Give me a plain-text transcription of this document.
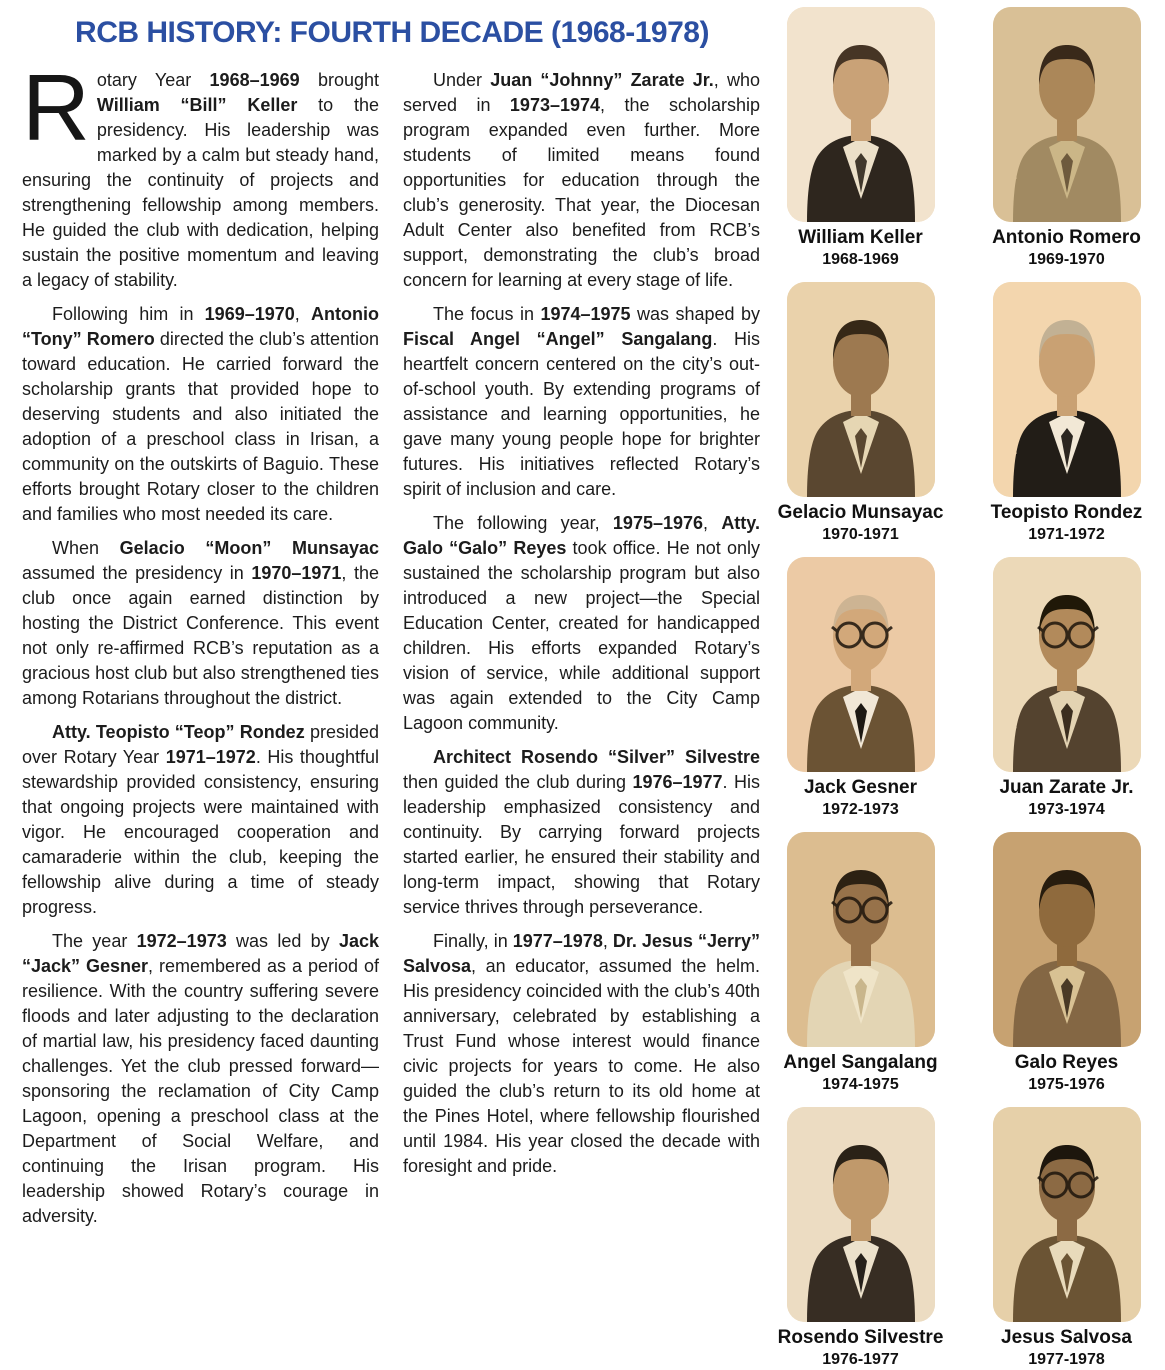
RCB HISTORY: FOURTH DECADE (1968-1978)

Rotary Year 1968–1969 brought William “Bill” Keller to the presidency. His leadership was marked by a calm but steady hand, ensuring the continuity of projects and strengthening fellowship among members. He guided the club with dedication, helping sustain the positive momentum and leaving a legacy of stability.

Following him in 1969–1970, Antonio “Tony” Romero directed the club’s attention toward education. He carried forward the scholarship grants that provided hope to deserving students and also initiated the adoption of a preschool class in Irisan, a community on the outskirts of Baguio. These efforts brought Rotary closer to the children and families who most needed its care.

When Gelacio “Moon” Munsayac assumed the presidency in 1970–1971, the club once again earned distinction by hosting the District Conference. This event not only re-affirmed RCB’s reputation as a gracious host club but also strengthened ties among Rotarians throughout the district.

Atty. Teopisto “Teop” Rondez presided over Rotary Year 1971–1972. His thoughtful stewardship provided consistency, ensuring that ongoing projects were maintained with vigor. He encouraged cooperation and camaraderie within the club, keeping the fellowship alive during a time of steady progress.

The year 1972–1973 was led by Jack “Jack” Gesner, remembered as a period of resilience. With the country suffering severe floods and later adjusting to the declaration of martial law, his presidency faced daunting challenges. Yet the club pressed forward—sponsoring the reclamation of City Camp Lagoon, opening a preschool class at the Department of Social Welfare, and continuing the Irisan program. His leadership showed Rotary’s courage in adversity.

Under Juan “Johnny” Zarate Jr., who served in 1973–1974, the scholarship program expanded even further. More students of limited means found opportunities for education through the club’s generosity. That year, the Diocesan Adult Center also benefited from RCB’s support, demonstrating the club’s broad concern for learning at every stage of life.

The focus in 1974–1975 was shaped by Fiscal Angel “Angel” Sangalang. His heartfelt concern centered on the city’s out-of-school youth. By extending programs of assistance and learning opportunities, he gave many young people hope for brighter futures. His initiatives reflected Rotary’s spirit of inclusion and care.

The following year, 1975–1976, Atty. Galo “Galo” Reyes took office. He not only sustained the scholarship program but also introduced a new project—the Special Education Center, created for handicapped children. His efforts expanded Rotary’s vision of service, while additional support was again extended to the City Camp Lagoon community.

Architect Rosendo “Silver” Silvestre then guided the club during 1976–1977. His leadership emphasized consistency and continuity. By carrying forward projects started earlier, he ensured their stability and long-term impact, showing that Rotary service thrives through perseverance.

Finally, in 1977–1978, Dr. Jesus “Jerry” Salvosa, an educator, assumed the helm. His presidency coincided with the club’s 40th anniversary, celebrated by establishing a Trust Fund whose interest would finance civic projects for years to come. He also guided the club’s return to its old home at the Pines Hotel, where fellowship flourished until 1984. His year closed the decade with foresight and pride.

William Keller
1968-1969
Antonio Romero
1969-1970
Gelacio Munsayac
1970-1971
Teopisto Rondez
1971-1972
Jack Gesner
1972-1973
Juan Zarate Jr.
1973-1974
Angel Sangalang
1974-1975
Galo Reyes
1975-1976
Rosendo Silvestre
1976-1977
Jesus Salvosa
1977-1978
